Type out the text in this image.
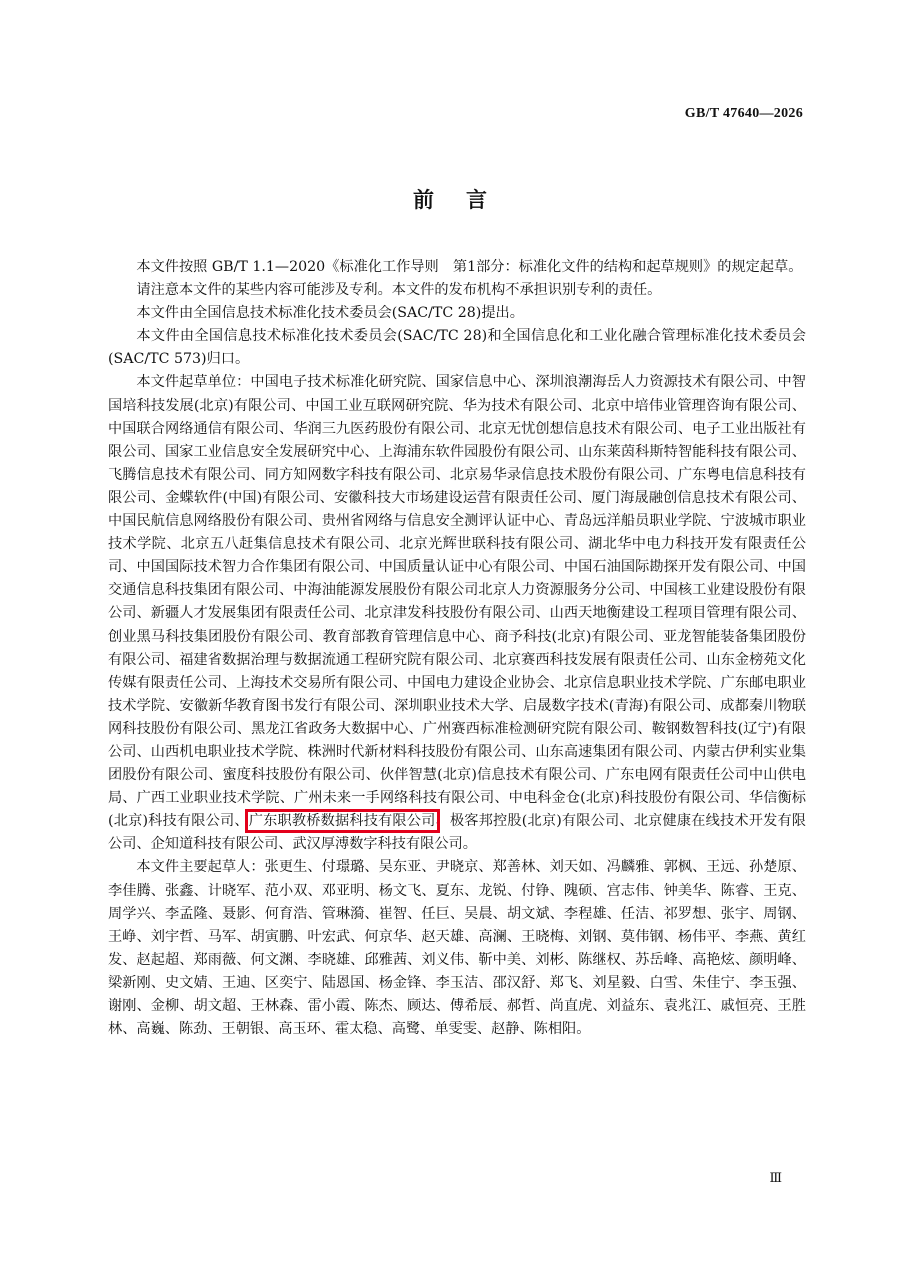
GB/T 47640—2026
前言

本文件按照 GB/T 1.1—2020《标准化工作导则　第1部分：标准化文件的结构和起草规则》的规定起草。

请注意本文件的某些内容可能涉及专利。本文件的发布机构不承担识别专利的责任。

本文件由全国信息技术标准化技术委员会(SAC/TC 28)提出。

本文件由全国信息技术标准化技术委员会(SAC/TC 28)和全国信息化和工业化融合管理标准化技术委员会(SAC/TC 573)归口。

本文件起草单位：中国电子技术标准化研究院、国家信息中心、深圳浪潮海岳人力资源技术有限公司、中智国培科技发展(北京)有限公司、中国工业互联网研究院、华为技术有限公司、北京中培伟业管理咨询有限公司、中国联合网络通信有限公司、华润三九医药股份有限公司、北京无忧创想信息技术有限公司、电子工业出版社有限公司、国家工业信息安全发展研究中心、上海浦东软件园股份有限公司、山东莱茵科斯特智能科技有限公司、飞腾信息技术有限公司、同方知网数字科技有限公司、北京易华录信息技术股份有限公司、广东粤电信息科技有限公司、金蝶软件(中国)有限公司、安徽科技大市场建设运营有限责任公司、厦门海晟融创信息技术有限公司、中国民航信息网络股份有限公司、贵州省网络与信息安全测评认证中心、青岛远洋船员职业学院、宁波城市职业技术学院、北京五八赶集信息技术有限公司、北京光辉世联科技有限公司、湖北华中电力科技开发有限责任公司、中国国际技术智力合作集团有限公司、中国质量认证中心有限公司、中国石油国际勘探开发有限公司、中国交通信息科技集团有限公司、中海油能源发展股份有限公司北京人力资源服务分公司、中国核工业建设股份有限公司、新疆人才发展集团有限责任公司、北京津发科技股份有限公司、山西天地衡建设工程项目管理有限公司、创业黑马科技集团股份有限公司、教育部教育管理信息中心、商予科技(北京)有限公司、亚龙智能装备集团股份有限公司、福建省数据治理与数据流通工程研究院有限公司、北京赛西科技发展有限责任公司、山东金榜苑文化传媒有限责任公司、上海技术交易所有限公司、中国电力建设企业协会、北京信息职业技术学院、广东邮电职业技术学院、安徽新华教育图书发行有限公司、深圳职业技术大学、启晟数字技术(青海)有限公司、成都秦川物联网科技股份有限公司、黑龙江省政务大数据中心、广州赛西标准检测研究院有限公司、鞍钢数智科技(辽宁)有限公司、山西机电职业技术学院、株洲时代新材料科技股份有限公司、山东高速集团有限公司、内蒙古伊利实业集团股份有限公司、蜜度科技股份有限公司、伙伴智慧(北京)信息技术有限公司、广东电网有限责任公司中山供电局、广西工业职业技术学院、广州未来一手网络科技有限公司、中电科金仓(北京)科技股份有限公司、华信衡标(北京)科技有限公司、广东职教桥数据科技有限公司、极客邦控股(北京)有限公司、北京健康在线技术开发有限公司、企知道科技有限公司、武汉厚溥数字科技有限公司。

本文件主要起草人：张更生、付璟璐、吴东亚、尹晓京、郑善林、刘天如、冯麟雅、郭枫、王远、孙楚原、李佳腾、张鑫、计晓军、范小双、邓亚明、杨文飞、夏东、龙锐、付铮、隗硕、宫志伟、钟美华、陈睿、王克、周学兴、李孟隆、聂影、何育浩、管琳漪、崔智、任巨、吴晨、胡文斌、李程雄、任洁、祁罗想、张宇、周钢、王峥、刘宇哲、马军、胡寅鹏、叶宏武、何京华、赵天雄、高澜、王晓梅、刘钢、莫伟钢、杨伟平、李燕、黄红发、赵起超、郑雨薇、何文渊、李晓雄、邱雅茜、刘义伟、靳中美、刘彬、陈继权、苏岳峰、高艳炫、颜明峰、梁新刚、史文婧、王迪、区奕宁、陆恩国、杨金锋、李玉洁、邵汉舒、郑飞、刘星毅、白雪、朱佳宁、李玉强、谢刚、金柳、胡文超、王林森、雷小霞、陈杰、顾达、傅希辰、郝哲、尚直虎、刘益东、袁兆江、戚恒亮、王胜林、高巍、陈劲、王朝银、高玉环、霍太稳、高鹭、单雯雯、赵静、陈相阳。

Ⅲ
